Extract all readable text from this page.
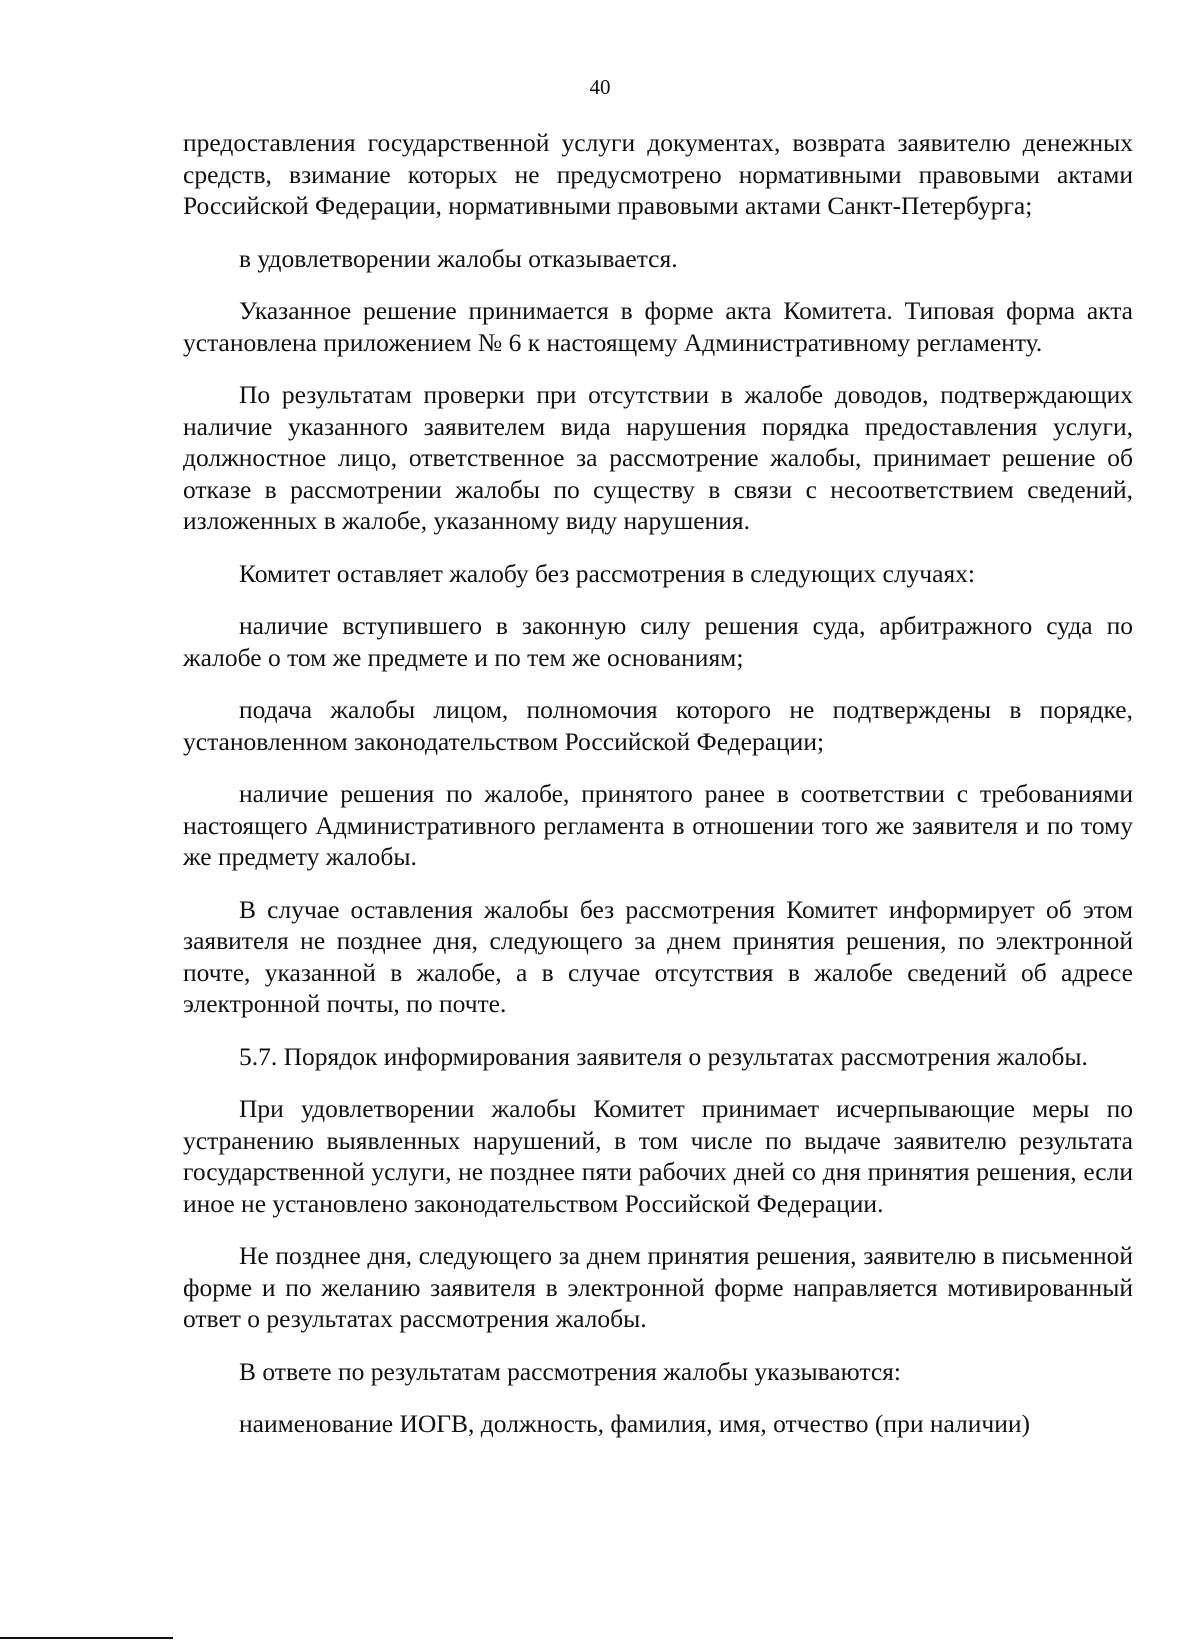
40

предоставления государственной услуги документах, возврата заявителю денежных средств, взимание которых не предусмотрено нормативными правовыми актами Российской Федерации, нормативными правовыми актами Санкт-Петербурга;

в удовлетворении жалобы отказывается.

Указанное решение принимается в форме акта Комитета. Типовая форма акта установлена приложением № 6 к настоящему Административному регламенту.

По результатам проверки при отсутствии в жалобе доводов, подтверждающих наличие указанного заявителем вида нарушения порядка предоставления услуги, должностное лицо, ответственное за рассмотрение жалобы, принимает решение об отказе в рассмотрении жалобы по существу в связи с несоответствием сведений, изложенных в жалобе, указанному виду нарушения.

Комитет оставляет жалобу без рассмотрения в следующих случаях:

наличие вступившего в законную силу решения суда, арбитражного суда по жалобе о том же предмете и по тем же основаниям;

подача жалобы лицом, полномочия которого не подтверждены в порядке, установленном законодательством Российской Федерации;

наличие решения по жалобе, принятого ранее в соответствии с требованиями настоящего Административного регламента в отношении того же заявителя и по тому же предмету жалобы.

В случае оставления жалобы без рассмотрения Комитет информирует об этом заявителя не позднее дня, следующего за днем принятия решения, по электронной почте, указанной в жалобе, а в случае отсутствия в жалобе сведений об адресе электронной почты, по почте.

5.7. Порядок информирования заявителя о результатах рассмотрения жалобы.

При удовлетворении жалобы Комитет принимает исчерпывающие меры по устранению выявленных нарушений, в том числе по выдаче заявителю результата государственной услуги, не позднее пяти рабочих дней со дня принятия решения, если иное не установлено законодательством Российской Федерации.

Не позднее дня, следующего за днем принятия решения, заявителю в письменной форме и по желанию заявителя в электронной форме направляется мотивированный ответ о результатах рассмотрения жалобы.

В ответе по результатам рассмотрения жалобы указываются:

наименование ИОГВ, должность, фамилия, имя, отчество (при наличии)
